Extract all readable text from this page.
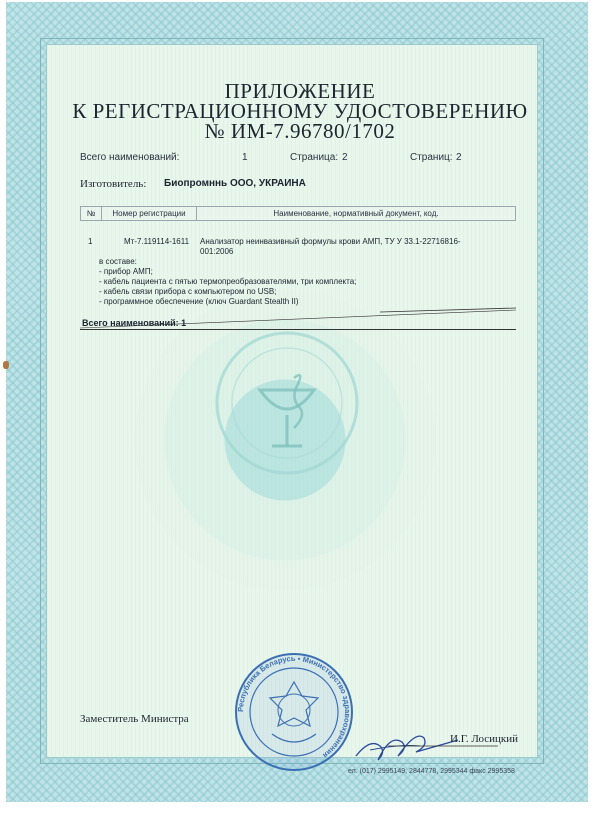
ПРИЛОЖЕНИЕ
К РЕГИСТРАЦИОННОМУ УДОСТОВЕРЕНИЮ
№ ИМ-7.96780/1702
Всего наименований:	1	Страница: 2	Страниц: 2
Изготовитель: Биопромннь ООО, УКРАИНА
№	Номер регистрации	Наименование, нормативный документ, код.
1	Мт-7.119114-1611 Анализатор неинвазивный формулы крови АМП, ТУ У 33.1-22716816-
001:2006
в составе:
- прибор АМП;
- кабель пациента с пятью термопреобразователями, три комплекта;
- кабель связи прибора с компьютером по USB;
- программное обеспечение (ключ Guardant Stealth II)
Всего наименований: 1
Заместитель Министра
Республика Беларусь • Министерство здравоохранения
И.Г. Лосицкий
ел. (017) 2995149, 2844778, 2995344 факс 2995358
